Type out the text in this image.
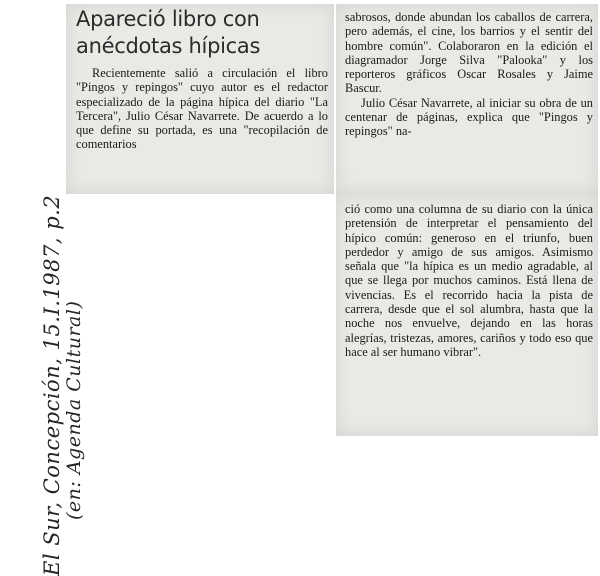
Apareció libro con
anécdotas hípicas

Recientemente salió a circulación el libro "Pingos y repingos" cuyo autor es el redactor especializado de la página hípica del diario "La Tercera", Julio César Navarrete. De acuerdo a lo que define su portada, es una "recopilación de comentarios

sabrosos, donde abundan los caballos de carrera, pero además, el cine, los barrios y el sentir del hombre común". Colaboraron en la edición el diagramador Jorge Silva "Palooka" y los reporteros gráficos Oscar Rosales y Jaime Bascur.

Julio César Navarrete, al iniciar su obra de un centenar de páginas, explica que "Pingos y repingos" na-

ció como una columna de su diario con la única pretensión de interpretar el pensamiento del hípico común: generoso en el triunfo, buen perdedor y amigo de sus amigos. Asimismo señala que "la hípica es un medio agradable, al que se llega por muchos caminos. Está llena de vivencias. Es el recorrido hacia la pista de carrera, desde que el sol alumbra, hasta que la noche nos envuelve, dejando en las horas alegrías, tristezas, amores, cariños y todo eso que hace al ser humano vibrar".

(en: Agenda Cultural)
El Sur, Concepción, 15.I.1987, p.2
